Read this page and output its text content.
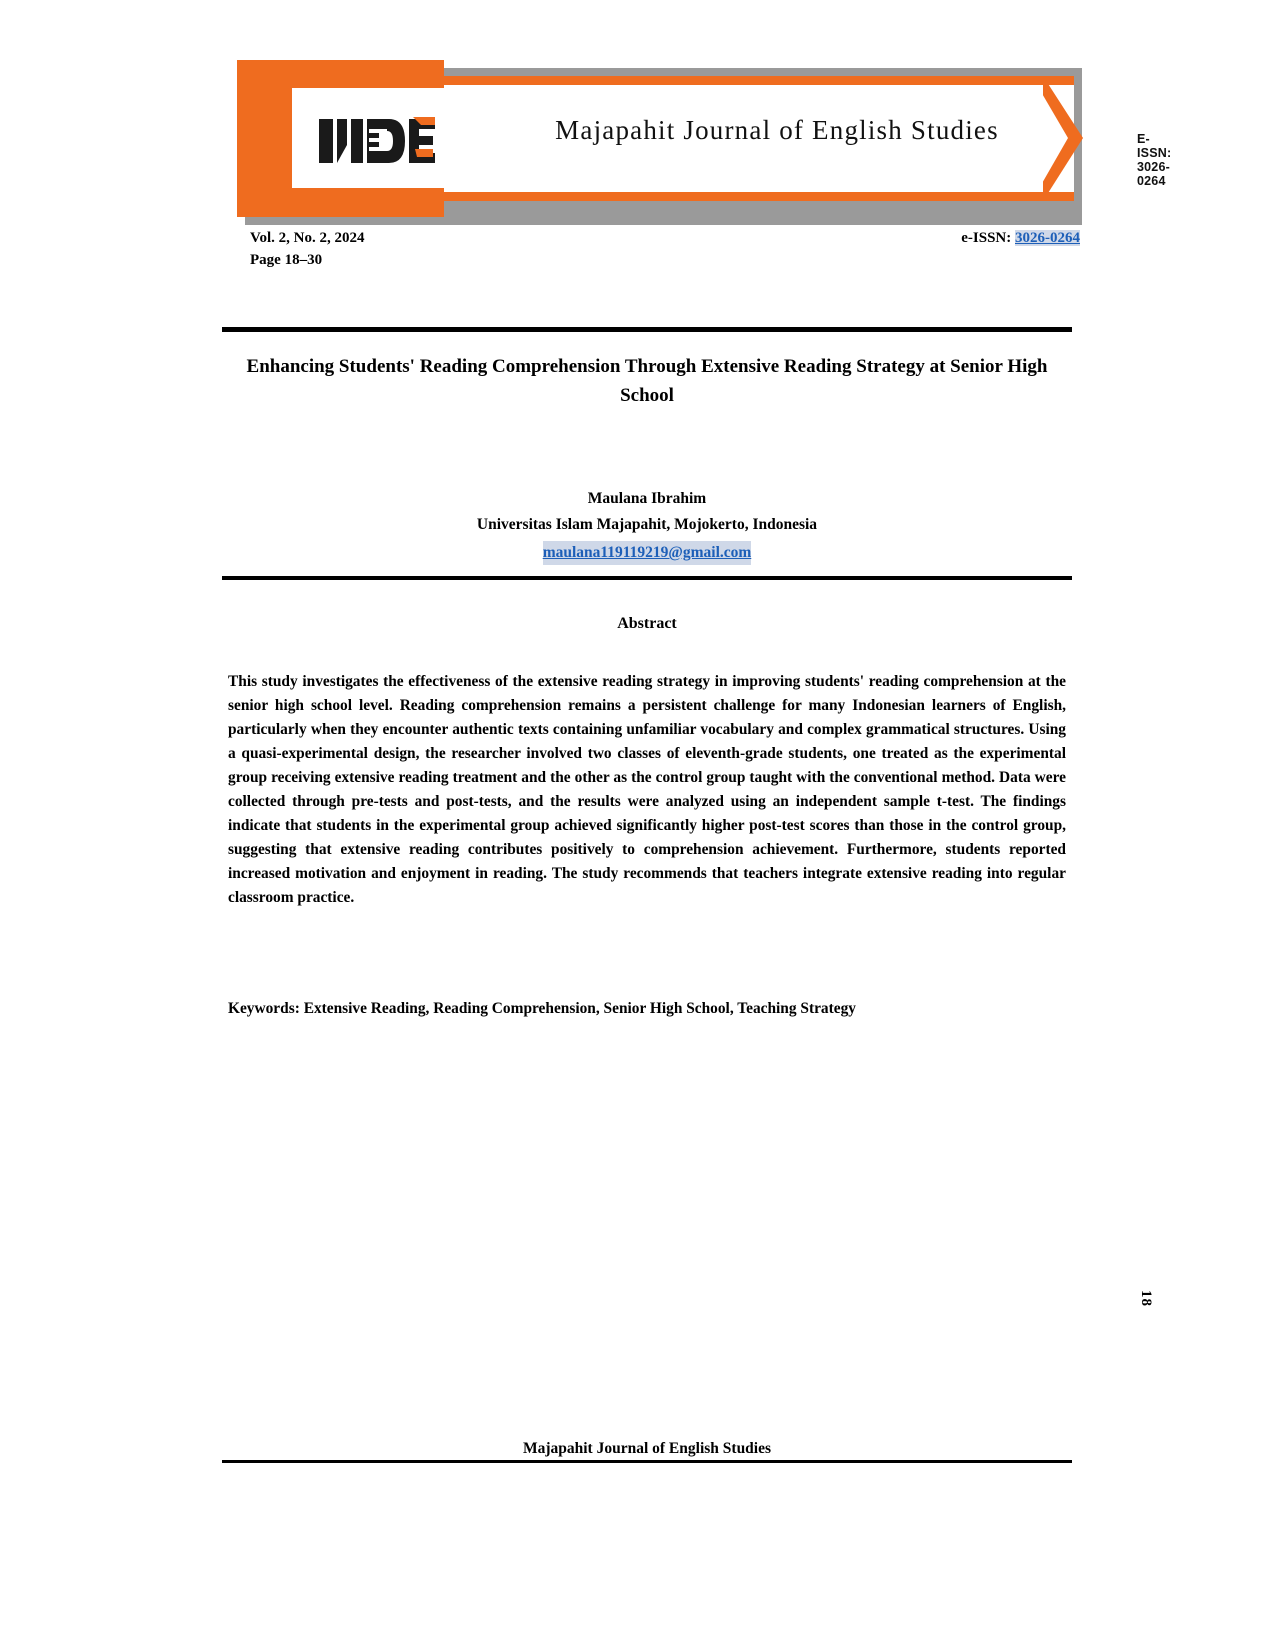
Majapahit Journal of English Studies	E-ISSN: 3026-0264
Vol. 2, No. 2, 2024
Page 18–30
e-ISSN: 3026-0264
Enhancing Students' Reading Comprehension Through Extensive Reading Strategy at Senior High School
Maulana Ibrahim
Universitas Islam Majapahit, Mojokerto, Indonesia
maulana119119219@gmail.com
Abstract
This study investigates the effectiveness of the extensive reading strategy in improving students' reading comprehension at the senior high school level. Reading comprehension remains a persistent challenge for many Indonesian learners of English, particularly when they encounter authentic texts containing unfamiliar vocabulary and complex grammatical structures. Using a quasi-experimental design, the researcher involved two classes of eleventh-grade students, one treated as the experimental group receiving extensive reading treatment and the other as the control group taught with the conventional method. Data were collected through pre-tests and post-tests, and the results were analyzed using an independent sample t-test. The findings indicate that students in the experimental group achieved significantly higher post-test scores than those in the control group, suggesting that extensive reading contributes positively to comprehension achievement. Furthermore, students reported increased motivation and enjoyment in reading. The study recommends that teachers integrate extensive reading into regular classroom practice.
Keywords: Extensive Reading, Reading Comprehension, Senior High School, Teaching Strategy
18
Majapahit Journal of English Studies
